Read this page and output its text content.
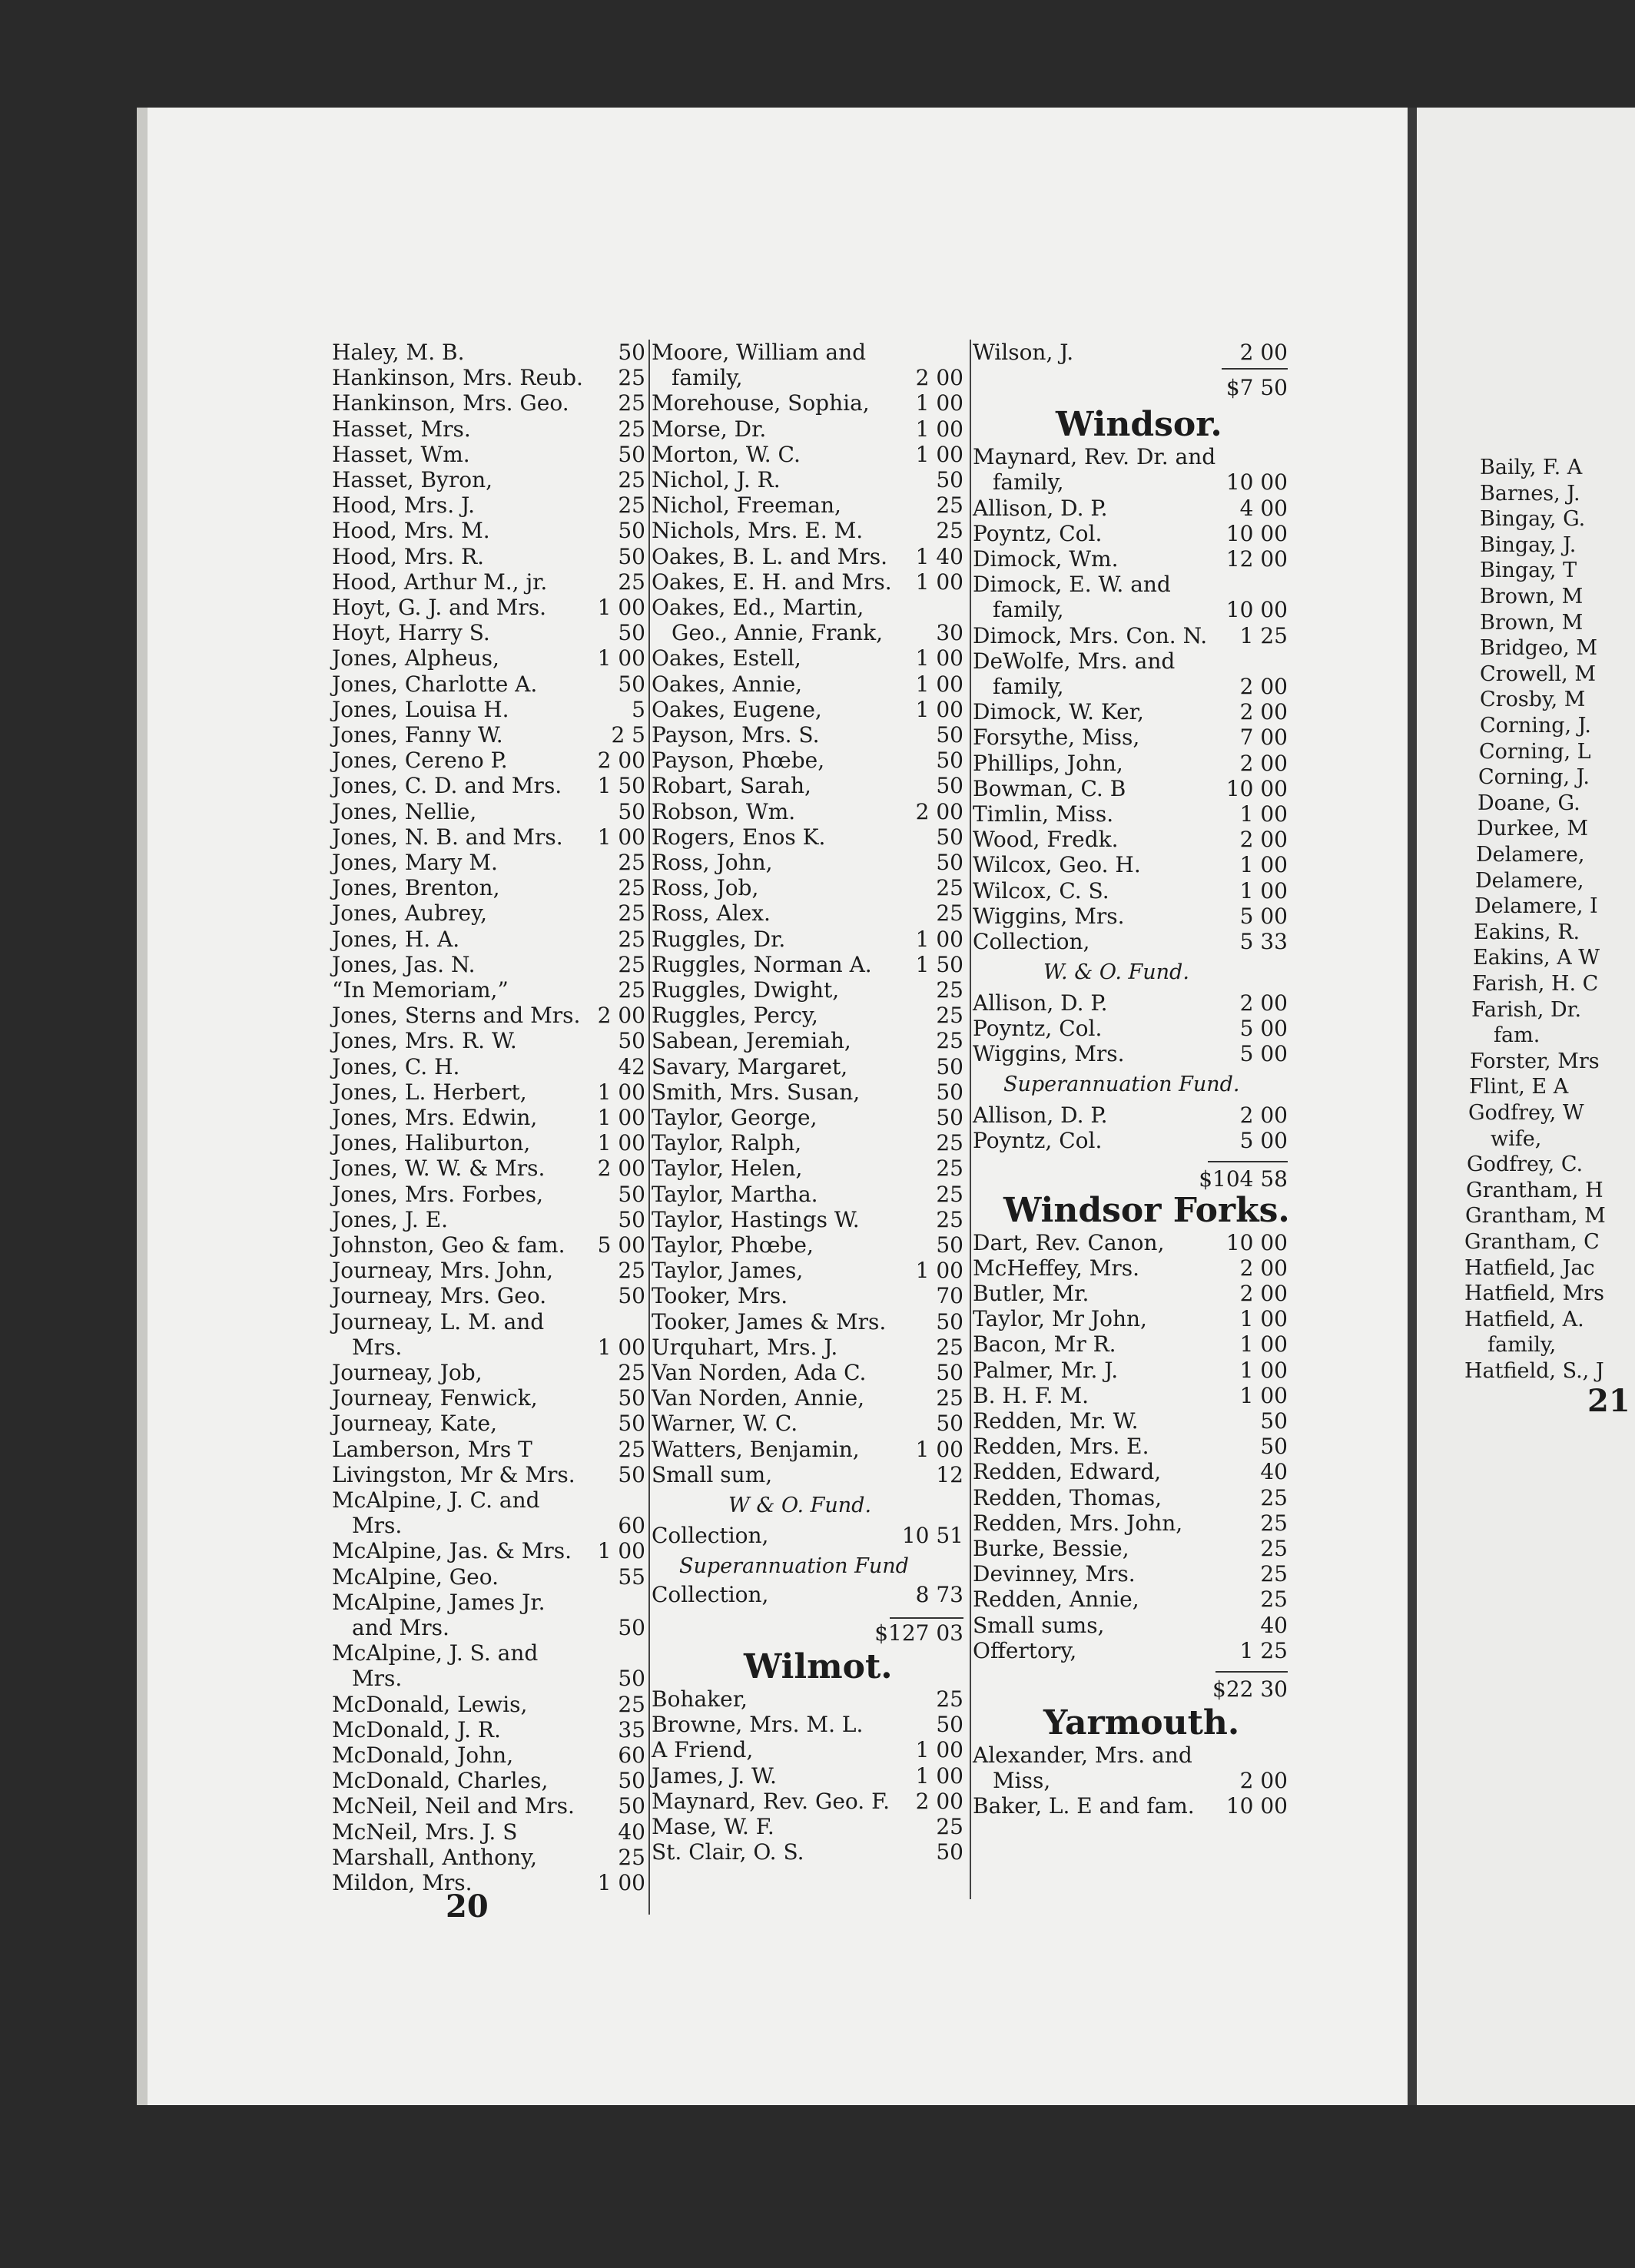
Baily, F. A
Barnes, J.
Bingay, G.
Bingay, J.
Bingay, T
Brown, M
Brown, M
Bridgeo, M
Crowell, M
Crosby, M
Corning, J.
Corning, L
Corning, J.
Doane, G.
Durkee, M
Delamere,
Delamere,
Delamere, I
Eakins, R.
Eakins, A W
Farish, H. C
Farish, Dr.
fam.
Forster, Mrs
Flint, E A
Godfrey, W
wife,
Godfrey, C.
Grantham, H
Grantham, M
Grantham, C
Hatfield, Jac
Hatfield, Mrs
Hatfield, A.
family,
Hatfield, S., J
21
Haley, M. B.	50
Hankinson, Mrs. Reub. 25
Hankinson, Mrs. Geo. 25
Hasset, Mrs.	25
Hasset, Wm.	50
Hasset, Byron,	25
Hood, Mrs. J.	25
Hood, Mrs. M.	50
Hood, Mrs. R.	50
Hood, Arthur M., jr.	25
Hoyt, G. J. and Mrs. 1 00
Hoyt, Harry S.	50
Jones, Alpheus,	1 00
Jones, Charlotte A.	50
Jones, Louisa H.	5
Jones, Fanny W.	2 5
Jones, Cereno P.	2 00
Jones, C. D. and Mrs. 1 50
Jones, Nellie,	50
Jones, N. B. and Mrs. 1 00
Jones, Mary M.	25
Jones, Brenton,	25
Jones, Aubrey,	25
Jones, H. A.	25
Jones, Jas. N.	25
“In Memoriam,”	25
Jones, Sterns and Mrs. 2 00
Jones, Mrs. R. W.	50
Jones, C. H.	42
Jones, L. Herbert,	1 00
Jones, Mrs. Edwin,	1 00
Jones, Haliburton,	1 00
Jones, W. W. & Mrs. 2 00
Jones, Mrs. Forbes,	50
Jones, J. E.	50
Johnston, Geo & fam. 5 00
Journeay, Mrs. John,	25
Journeay, Mrs. Geo.	50
Journeay, L. M. and
Mrs.	1 00
Journeay, Job,	25
Journeay, Fenwick,	50
Journeay, Kate,	50
Lamberson, Mrs T	25
Livingston, Mr & Mrs. 50
McAlpine, J. C. and
Mrs.	60
McAlpine, Jas. & Mrs. 1 00
McAlpine, Geo.	55
McAlpine, James Jr.
and Mrs.	50
McAlpine, J. S. and
Mrs.	50
McDonald, Lewis,	25
McDonald, J. R.	35
McDonald, John,	60
McDonald, Charles,	50
McNeil, Neil and Mrs. 50
McNeil, Mrs. J. S	40
Marshall, Anthony,	25
Mildon, Mrs.	1 00
Moore, William and
family,	2 00
Morehouse, Sophia, 1 00
Morse, Dr.	1 00
Morton, W. C.	1 00
Nichol, J. R.	50
Nichol, Freeman,	25
Nichols, Mrs. E. M.	25
Oakes, B. L. and Mrs. 1 40
Oakes, E. H. and Mrs. 1 00
Oakes, Ed., Martin,
Geo., Annie, Frank, 30
Oakes, Estell,	1 00
Oakes, Annie,	1 00
Oakes, Eugene,	1 00
Payson, Mrs. S.	50
Payson, Phœbe,	50
Robart, Sarah,	50
Robson, Wm.	2 00
Rogers, Enos K.	50
Ross, John,	50
Ross, Job,	25
Ross, Alex.	25
Ruggles, Dr.	1 00
Ruggles, Norman A. 1 50
Ruggles, Dwight,	25
Ruggles, Percy,	25
Sabean, Jeremiah,	25
Savary, Margaret,	50
Smith, Mrs. Susan,	50
Taylor, George,	50
Taylor, Ralph,	25
Taylor, Helen,	25
Taylor, Martha.	25
Taylor, Hastings W.	25
Taylor, Phœbe,	50
Taylor, James,	1 00
Tooker, Mrs.	70
Tooker, James & Mrs. 50
Urquhart, Mrs. J.	25
Van Norden, Ada C.	50
Van Norden, Annie,	25
Warner, W. C.	50
Watters, Benjamin,	1 00
Small sum,	12
W & O. Fund.
Collection,	10 51
Superannuation Fund
Collection,	8 73
$127 03
Wilmot.
Bohaker,	25
Browne, Mrs. M. L.	50
A Friend,	1 00
James, J. W.	1 00
Maynard, Rev. Geo. F. 2 00
Mase, W. F.	25
St. Clair, O. S.	50
Wilson, J.	2 00
$7 50
Windsor.
Maynard, Rev. Dr. and
family,	10 00
Allison, D. P.	4 00
Poyntz, Col.	10 00
Dimock, Wm.	12 00
Dimock, E. W. and
family,	10 00
Dimock, Mrs. Con. N. 1 25
DeWolfe, Mrs. and
family,	2 00
Dimock, W. Ker,	2 00
Forsythe, Miss,	7 00
Phillips, John,	2 00
Bowman, C. B	10 00
Timlin, Miss.	1 00
Wood, Fredk.	2 00
Wilcox, Geo. H.	1 00
Wilcox, C. S.	1 00
Wiggins, Mrs.	5 00
Collection,	5 33
W. & O. Fund.
Allison, D. P.	2 00
Poyntz, Col.	5 00
Wiggins, Mrs.	5 00
Superannuation Fund.
Allison, D. P.	2 00
Poyntz, Col.	5 00
$104 58
Windsor Forks.
Dart, Rev. Canon,	10 00
McHeffey, Mrs.	2 00
Butler, Mr.	2 00
Taylor, Mr John,	1 00
Bacon, Mr R.	1 00
Palmer, Mr. J.	1 00
B. H. F. M.	1 00
Redden, Mr. W.	50
Redden, Mrs. E.	50
Redden, Edward,	40
Redden, Thomas,	25
Redden, Mrs. John,	25
Burke, Bessie,	25
Devinney, Mrs.	25
Redden, Annie,	25
Small sums,	40
Offertory,	1 25
$22 30
Yarmouth.
Alexander, Mrs. and
Miss,	2 00
Baker, L. E and fam. 10 00
20
